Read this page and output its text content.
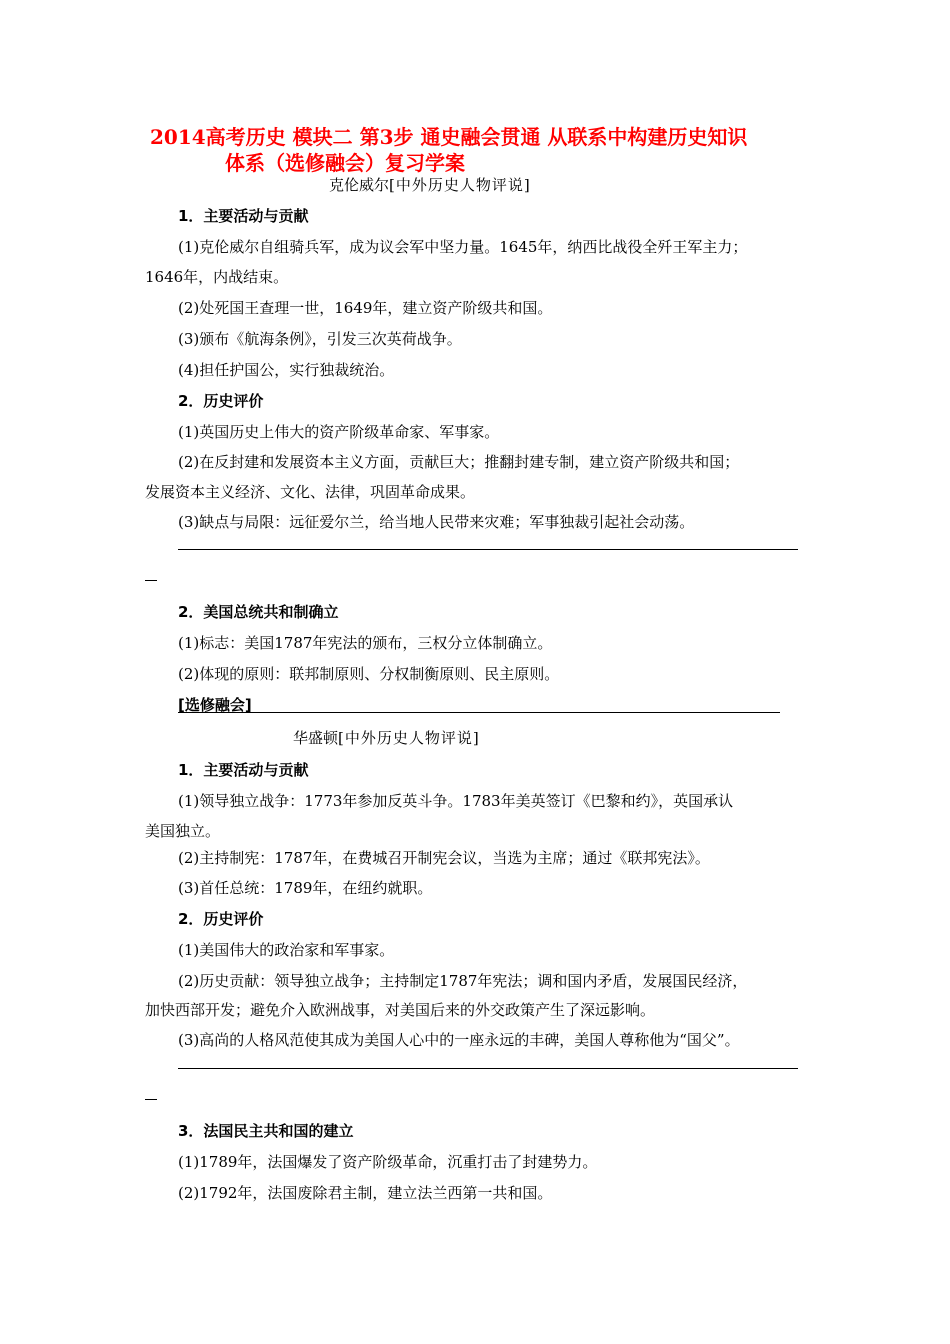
2014高考历史 模块二 第3步 通史融会贯通 从联系中构建历史知识
体系（选修融会）复习学案
克伦威尔[中外历史人物评说]
1．主要活动与贡献
(1)克伦威尔自组骑兵军，成为议会军中坚力量。1645年，纳西比战役全歼王军主力；
1646年，内战结束。
(2)处死国王查理一世，1649年，建立资产阶级共和国。
(3)颁布《航海条例》，引发三次英荷战争。
(4)担任护国公，实行独裁统治。
2．历史评价
(1)英国历史上伟大的资产阶级革命家、军事家。
(2)在反封建和发展资本主义方面，贡献巨大；推翻封建专制，建立资产阶级共和国；
发展资本主义经济、文化、法律，巩固革命成果。
(3)缺点与局限：远征爱尔兰，给当地人民带来灾难；军事独裁引起社会动荡。
2．美国总统共和制确立
(1)标志：美国1787年宪法的颁布，三权分立体制确立。
(2)体现的原则：联邦制原则、分权制衡原则、民主原则。
[选修融会]
华盛顿[中外历史人物评说]
1．主要活动与贡献
(1)领导独立战争：1773年参加反英斗争。1783年美英签订《巴黎和约》，英国承认
美国独立。
(2)主持制宪：1787年，在费城召开制宪会议，当选为主席；通过《联邦宪法》。
(3)首任总统：1789年，在纽约就职。
2．历史评价
(1)美国伟大的政治家和军事家。
(2)历史贡献：领导独立战争；主持制定1787年宪法；调和国内矛盾，发展国民经济，
加快西部开发；避免介入欧洲战事，对美国后来的外交政策产生了深远影响。
(3)高尚的人格风范使其成为美国人心中的一座永远的丰碑，美国人尊称他为“国父”。
3．法国民主共和国的建立
(1)1789年，法国爆发了资产阶级革命，沉重打击了封建势力。
(2)1792年，法国废除君主制，建立法兰西第一共和国。
